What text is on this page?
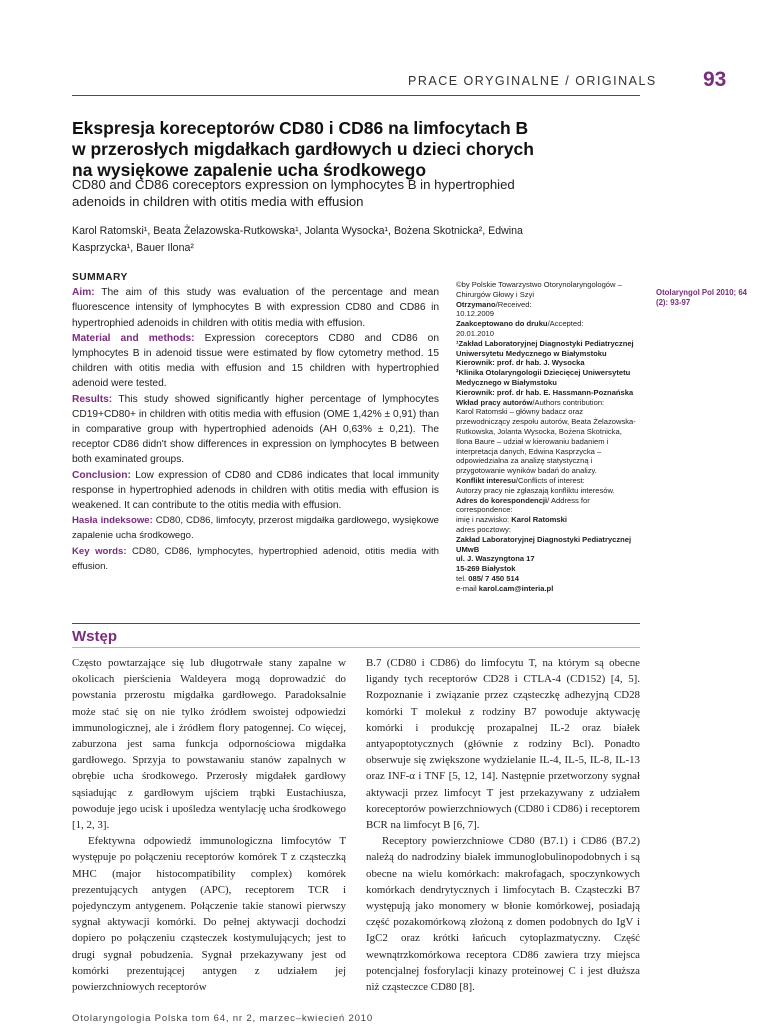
PRACE ORYGINALNE / ORIGINALS 93
Ekspresja koreceptorów CD80 i CD86 na limfocytach B w przerosłych migdałkach gardłowych u dzieci chorych na wysiękowe zapalenie ucha środkowego
CD80 and CD86 coreceptors expression on lymphocytes B in hypertrophied adenoids in children with otitis media with effusion
Karol Ratomski¹, Beata Żelazowska-Rutkowska¹, Jolanta Wysocka¹, Bożena Skotnicka², Edwina Kasprzycka¹, Bauer Ilona²
SUMMARY
Aim: The aim of this study was evaluation of the percentage and mean fluorescence intensity of lymphocytes B with expression CD80 and CD86 in hypertrophied adenoids in children with otitis media with effusion.
Material and methods: Expression coreceptors CD80 and CD86 on lymphocytes B in adenoid tissue were estimated by flow cytometry method. 15 children with otitis media with effusion and 15 children with hypertrophied adenoid were tested.
Results: This study showed significantly higher percentage of lymphocytes CD19+CD80+ in children with otitis media with effusion (OME 1,42% ± 0,91) than in comparative group with hypertrophied adenoids (AH 0,63% ± 0,21). The receptor CD86 didn't show differences in expression on lymphocytes B between both examinated groups.
Conclusion: Low expression of CD80 and CD86 indicates that local immunity response in hypertrophied adenods in children with otitis media with effusion is weakened. It can contribute to the otitis media with effusion.
Hasła indeksowe: CD80, CD86, limfocyty, przerost migdałka gardłowego, wysiękowe zapalenie ucha środkowego.
Key words: CD80, CD86, lymphocytes, hypertrophied adenoid, otitis media with effusion.
©by Polskie Towarzystwo Otorynolaryngologów – Chirurgów Głowy i Szyi
Otrzymano/Received:
10.12.2009
Zaakceptowano do druku/Accepted:
20.01.2010
¹Zakład Laboratoryjnej Diagnostyki Pediatrycznej Uniwersytetu Medycznego w Białymstoku
Kierownik: prof. dr hab. J. Wysocka
²Klinika Otolaryngologii Dziecięcej Uniwersytetu Medycznego w Białymstoku
Kierownik: prof. dr hab. E. Hassmann-Poznańska
Wkład pracy autorów/Authors contribution:
Karol Ratomski – główny badacz oraz przewodniczący zespołu autorów, Beata Żelazowska-Rutkowska, Jolanta Wysocka, Bożena Skotnicka, Ilona Baure – udział w kierowaniu badaniem i interpretacja danych, Edwina Kasprzycka – odpowiedzialna za analizę statystyczną i przygotowanie wyników badań do analizy.
Konflikt interesu/Conflicts of interest:
Autorzy pracy nie zgłaszają konfliktu interesów.
Adres do korespondencji/ Address for correspondence:
imię i nazwisko: Karol Ratomski
adres pocztowy:
Zakład Laboratoryjnej Diagnostyki Pediatrycznej UMwB
ul. J. Waszyngtona 17
15-269 Białystok
tel. 085/ 7 450 514
e-mail karol.cam@interia.pl
Otolaryngol Pol 2010; 64 (2): 93-97
Wstęp

Często powtarzające się lub długotrwałe stany zapalne w okolicach pierścienia Waldeyera mogą doprowadzić do powstania przerostu migdałka gardłowego. Paradoksalnie może stać się on nie tylko źródłem swoistej odpowiedzi immunologicznej, ale i źródłem flory patogennej. Co więcej, zaburzona jest sama funkcja odpornościowa migdałka gardłowego. Sprzyja to powstawaniu stanów zapalnych w obrębie ucha środkowego. Przerosły migdałek gardłowy sąsiadując z gardłowym ujściem trąbki Eustachiusza, powoduje jego ucisk i upośledza wentylację ucha środkowego [1, 2, 3].

Efektywna odpowiedź immunologiczna limfocytów T występuje po połączeniu receptorów komórek T z cząsteczką MHC (major histocompatibility complex) komórek prezentujących antygen (APC), receptorem TCR i pojedynczym antygenem. Połączenie takie stanowi pierwszy sygnał aktywacji komórki. Do pełnej aktywacji dochodzi dopiero po połączeniu cząsteczek kostymulujących; jest to drugi sygnał pobudzenia. Sygnał przekazywany jest od komórki prezentującej antygen z udziałem jej powierzchniowych receptorów

B.7 (CD80 i CD86) do limfocytu T, na którym są obecne ligandy tych receptorów CD28 i CTLA-4 (CD152) [4, 5]. Rozpoznanie i związanie przez cząsteczkę adhezyjną CD28 komórki T molekuł z rodziny B7 powoduje aktywację komórki i produkcję prozapalnej IL-2 oraz białek antyapoptotycznych (głównie z rodziny Bcl). Ponadto obserwuje się zwiększone wydzielanie IL-4, IL-5, IL-8, IL-13 oraz INF-α i TNF [5, 12, 14]. Następnie przetworzony sygnał aktywacji przez limfocyt T jest przekazywany z udziałem koreceptorów powierzchniowych (CD80 i CD86) i receptorem BCR na limfocyt B [6, 7].

Receptory powierzchniowe CD80 (B7.1) i CD86 (B7.2) należą do nadrodziny białek immunoglobulinopodobnych i są obecne na wielu komórkach: makrofagach, spoczynkowych komórkach dendrytycznych i limfocytach B. Cząsteczki B7 występują jako monomery w błonie komórkowej, posiadają część pozakomórkową złożoną z domen podobnych do IgV i IgC2 oraz krótki łańcuch cytoplazmatyczny. Część wewnątrzkomórkowa receptora CD86 zawiera trzy miejsca potencjalnej fosforylacji kinazy proteinowej C i jest dłuższa niż cząsteczce CD80 [8].

Otolaryngologia Polska tom 64, nr 2, marzec–kwiecień 2010
